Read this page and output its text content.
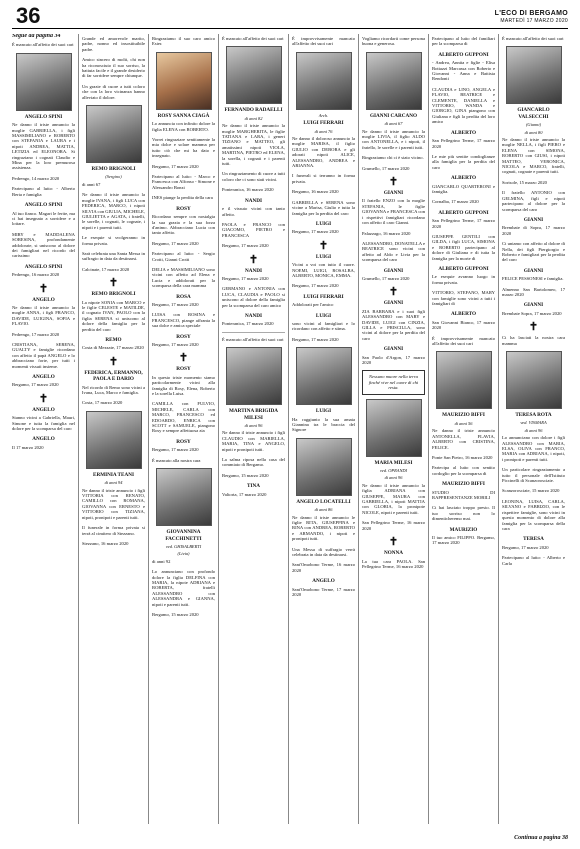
36	L'ECO DI BERGAMO
MARTEDÌ 17 MARZO 2020
Segue da pagina 34
È mancato all'affetto dei suoi cari
ANGELO SPINI
Ne danno il triste annuncio la moglie GABRIELLA, i figli MASSIMILIANO e ROBERTO con STEFANIA e LAURA e i nipoti ANDREA, MATTIA, LETIZIA ed ELEONORA. Si ringraziano i cognati Claudio e Mina per la loro premurosa assistenza.
Pedrengo, 14 marzo 2020
Partecipano al lutto: - Alberto Berta e famiglia
ANGELO SPINI
Al tuo fianco. Magari le ferite, ma ci hai insegnato a sorridere e a lottare.
MIRY e MADDALENA SORESINA, profondamente addolorate, si uniscono al dolore dei famigliari nel ricordo del carissimo
ANGELO SPINI
Pedrengo, 16 marzo 2020
✝
ANGELO
Ne danno il triste annuncio la moglie ANNA, i figli FRANCO, DAVIDE, LUIGINA, SOFIA e FLAVIO.
Pedrengo, 17 marzo 2020
CRISTIANA, SERENA, GUALTY e famiglie ricordano con affetto il papà ANGELO e lo abbracciano forte, per tutti i momenti vissuti insieme.
ANGELO
Bergamo, 17 marzo 2020
✝
ANGELO
Stanno vicini a Gabriella, Mauri, Simone e tutta la famiglia nel dolore per la scomparsa del caro
ANGELO
Il 17 marzo 2020
Grande ed amorevole marito, padre, nonno ed insostituibile padre.
Amico sincero di molti, chi non ha riconosciuto il suo sorriso, la battuta facile e il grande desiderio di far sorridere sempre chiunque.
Un grazie di cuore a tutti coloro che con la loro vicinanza hanno alleviato il dolore.
REMO BRIGNOLI
(Sergino)
di anni 67
Ne danno il triste annuncio la moglie IVANA, i figli LUCA con FEDERICA, MARCO, i nipoti SILVIA con GIULIA, MICHELE, GIULIETTA e AGATA, i fratelli, le sorelle, i cognati, le cognate, i nipoti e i parenti tutti.
Le esequie si svolgeranno in forma privata.
Sarà celebrata una Santa Messa in suffragio in data da destinarsi.
Calcinate, 17 marzo 2020
✝
REMO BRIGNOLI
La nipote SONIA con MARCO e le figlie CELESTE e MATILDE, il cognato IVAN, PAOLO con la figlia SERENA si uniscono al dolore della famiglia per la perdita del caro
REMO
Costa di Mezzate, 17 marzo 2020
✝
FEDERICA, ERMANNO, PAOLA E DARIO
Nel ricordo di Remo sono vicini a Ivana, Luca, Marco e famiglia.
Costa, 17 marzo 2020
ERMINIA TEANI
di anni 94
Ne danno il triste annuncio i figli VITTORIA con RENATO, CAMILLO con ROMANA, GIOVANNA con ERNESTO e VITTORIO con TIZIANA, nipoti, pronipoti e parenti tutti.
Il funerale in forma privata si terrà al cimitero di Stezzano.
Stezzano, 16 marzo 2020
Ringraziamo il suo caro amico Ester.
ROSY SANNA CIAGÀ
Lo annuncia con infinito dolore la figlia ELENA con ROBERTO.
Vorrei ringraziare sentitamente la mia dolce e solare mamma per tutto ciò che mi ha dato e insegnato.
Bergamo, 17 marzo 2020
Partecipano al lutto: - Marco e Francesca con Alfonso - Simone e Alessandro Bonzi
INES piange la perdita della cara
ROSY
Ricordano sempre con nostalgia la sua grazia e la sua forza d'animo. Abbracciano Lucia con tanto affetto.
Bergamo, 17 marzo 2020
Partecipano al lutto: - Sergio Crotti, Gianni Crotti
DELIA e MASSIMILIANO sono vicini con affetto ad Elena e Lucia e addolorati per la scomparsa della cara mamma
ROSA
Bergamo, 17 marzo 2020
LUISA con ROSINA e FRANCESCO, piange affranta la sua dolce e amica speciale
ROSY
Bergamo, 17 marzo 2020
✝
ROSY
In questo triste momento siamo particolarmente vicini alla famiglia di Rosy, Elena, Roberto e la sorella Luisa.
CAMILLA con FULVIO, MICHELE, CARLA con MARCO, FRANCESCO ed EDOARDO, ENRICA con SCOTT e SAMUELE, piangono Rosy e sempre affettuosa zia
ROSY
Bergamo, 17 marzo 2020
È mancato alla nostra cara
GIOVANNINA FACCHINETTI
ved. GHISALBERTI
(Livia)
di anni 92
Lo annunciano con profondo dolore la figlia DELFINA con MARIA, la nipote ADRIANA e ROBERTA, fratelli ALESSANDRO con ALESSANDRA e GIANNA, nipoti e parenti tutti.
Bergamo, 15 marzo 2020
È mancato all'affetto dei suoi cari
FERNANDO RADAELLI
di anni 82
Ne danno il triste annuncio la moglie MARGHERITA, le figlie TATIANA e LARA, i generi TIZIANO e MATTEO, gli amatissimi nipoti VIOLA, MARTINA, PIETRO ed ELENA, la sorella, i cognati e i parenti tutti.
Un ringraziamento di cuore a tutti coloro che ci sono stati vicini.
Ponteranica, 16 marzo 2020
NANDI
e il vissuto vicini con tanto affetto.
PAOLA e FRANCO con GIACOMO, PIETRO e FRANCESCA
Bergamo, 17 marzo 2020
✝
NANDI
Bergamo, 17 marzo 2020
GERMANO e ANTONIA con LUCA, CLAUDIA e PAOLO si uniscono al dolore della famiglia per la scomparsa del caro amico
NANDI
Ponteranica, 17 marzo 2020
È mancato all'affetto dei suoi cari
MARTINA BRIGIDA MILESI
di anni 96
Ne danno il triste annuncio i figli CLAUDIO con MARIELLA, MARIA, TINA e ANGELO, nipoti e pronipoti tutti.
La salma riposa nella casa del commiato di Bergamo.
Bergamo, 15 marzo 2020
TINA
Valtorta, 17 marzo 2020
È improvvisamente mancato all'affetto dei suoi cari
Arch.
LUIGI FERRARI
di anni 76
Ne danno il doloroso annuncio la moglie MARISA, il figlio GIULIO con DEBORA e gli adorati nipoti ALICE, ALESSANDRO, ANDREA e ARIANNA.
I funerali si terranno in forma privata.
Bergamo, 16 marzo 2020
GABRIELLA e SERENA sono vicine a Marisa, Giulio e tutta la famiglia per la perdita del caro
LUIGI
Bergamo, 17 marzo 2020
✝
LUIGI
Vicini a voi con tutto il cuore. NOEMI, LUIGI, ROSALBA, ALBERTO, MONICA, EMMA.
Bergamo, 17 marzo 2020
LUIGI FERRARI
Addolorati per l'amico
LUIGI
sono vicini al famigliari e lo ricordano con affetto e stima.
Bergamo, 17 marzo 2020
LUIGI
Ha raggiunto la sua amata Giannina tra le braccia del Signore
ANGELO LOCATELLI
di anni 86
Ne danno il triste annuncio le figlie RITA, GIUSEPPINA e RINA con ANDREA, ROBERTO e ARMANDO, i nipoti e pronipoti tutti.
Una Messa di suffragio verrà celebrata in data da destinarsi.
Sant'Omobono Terme, 16 marzo 2020
ANGELO
Sant'Omobono Terme, 17 marzo 2020
Vogliamo ricordarti come persona buona e generosa.
GIANNI CARCANO
di anni 67
Ne danno il triste annuncio la moglie LIVIA, il figlio ALDO con ANTONELLA, e i nipoti, il fratello, le sorelle e i parenti tutti.
Ringraziamo chi ci è stato vicino.
Grumello, 17 marzo 2020
✝
GIANNI
Il fratello ENZO con la moglie STEFANIA, le figlie GIOVANNA e FRANCESCA con i rispettivi famigliari ricordano con affetto il caro Gianni.
Palazzago, 16 marzo 2020
ALESSANDRO, DONATELLA e BEATRICE sono vicini con affetto ad Aldo e Livia per la scomparsa del caro
GIANNI
Grumello, 17 marzo 2020
✝
GIANNI
ZIA BARBARA e i suoi figli ALESSANDRO con MARY e DAVIDE, LUIGI con CINZIA, GILLA e PRISCILLA, sono vicini al dolore per la perdita del caro
GIANNI
San Paolo d'Argon, 17 marzo 2020
Nessuno muore nella terra finché vive nel cuore di chi resta.
MARIA MILESI
ved. OPRANDI
di anni 96
Ne danno il triste annuncio la figlia ADRIANA con GIUSEPPE, MAURA con GABRIELLA, i nipoti MATTIA con GLORIA, la pronipote NICOLE, nipoti e parenti tutti.
San Pellegrino Terme, 16 marzo 2020
✝
NONNA
La tua cara PAOLA. San Pellegrino Terme, 16 marzo 2020
Partecipano al lutto del familiari per la scomparsa di
ALBERTO GUPPONI
- Andrea, Annita e figlie - Elisa Bottazzi Marcassa con Roberto e Giovanni - Anna e Battista Rendonti
CLAUDIA e LINO, ANGELA e FLAVIO, BEATRICE e CLEMENTE, DANIELLA e VITTORIO, WANDA e GIORGIO, GINA piangono con Giuliana e figli la perdita del loro amico
ALBERTO
San Pellegrino Terme, 17 marzo 2020
Le mie più sentite condoglianze alla famiglia per la perdita del caro
ALBERTO
GIANCARLO QUARTERONI e famiglia.
Cornalba, 17 marzo 2020
ALBERTO GUPPONI
San Pellegrino Terme, 17 marzo 2020
GIUSEPPE GENTILI con GILDA, i figli LUCA, SIMONA e ROBERTO partecipano al dolore di Giuliana e di tutta la famiglia per la morte di
ALBERTO GUPPONI
Le esequie avranno luogo in forma privata.
VITTORIO, STEFANO, MARY con famiglie sono vicini a tutti i famigliari di
ALBERTO
San Giovanni Bianco, 17 marzo 2020
È improvvisamente mancato all'affetto dei suoi cari
MAURIZIO BIFFI
di anni 56
Ne danno il triste annuncio ANTONELLA, FLAVIA, ALBERTO con CRISTINA, FELICE.
Ponte San Pietro, 16 marzo 2020
Partecipa al lutto con sentito cordoglio per la scomparsa di
MAURIZIO BIFFI
STUDIO DI RAPPRESENTANZE MOBILI
Ci hai lasciato troppo presto. Il tuo sorriso non lo dimenticheremo mai.
MAURIZIO
Il tuo amico FILIPPO. Bergamo, 17 marzo 2020
È mancato all'affetto dei suoi cari
GIANCARLO VALSECCHI
(Gianni)
di anni 80
Ne danno il triste annuncio la moglie NELLA, i figli PIERO e ELENA con SIMONA, ROBERTO con GIUSI, i nipoti MATTEO, VERONICA, NICOLA e MARCO, fratelli, cognati, cognate e parenti tutti.
Sorisole, 15 marzo 2020
Il fratello ANTONIO con GELMINA, figli e nipoti partecipano al dolore per la scomparsa del caro
GIANNI
Brembate di Sopra, 17 marzo 2020
Ci uniamo con affetto al dolore di Nella, dei figli Piergiorgio e Roberto e famigliari per la perdita del caro
GIANNI
FELICE PESSONESI e famiglia.
Almenno San Bartolomeo, 17 marzo 2020
GIANNI
Brembate Sopra, 17 marzo 2020
✝
Ci ha lasciati la nostra cara mamma
TERESA ROTA
ved. VISMARA
di anni 96
Lo annunciano con dolore i figli ALESSANDRO con MARIA, ELSA, OLIVA con FRANCO, MARIA con ADRIANA, i nipoti, i pronipoti e parenti tutti.
Un particolare ringraziamento a tutto il personale dell'Istituto Piccinelli di Scanzorosciate.
Scanzorosciate, 15 marzo 2020
LEONINA, LUISA, CARLA, SILVANO e FABRIZIO, con le rispettive famiglie, sono vicini in questo momento di dolore alla famiglia per la scomparsa della cara
TERESA
Bergamo, 17 marzo 2020
Partecipano al lutto: - Alberto e Carla
Continua a pagina 38
